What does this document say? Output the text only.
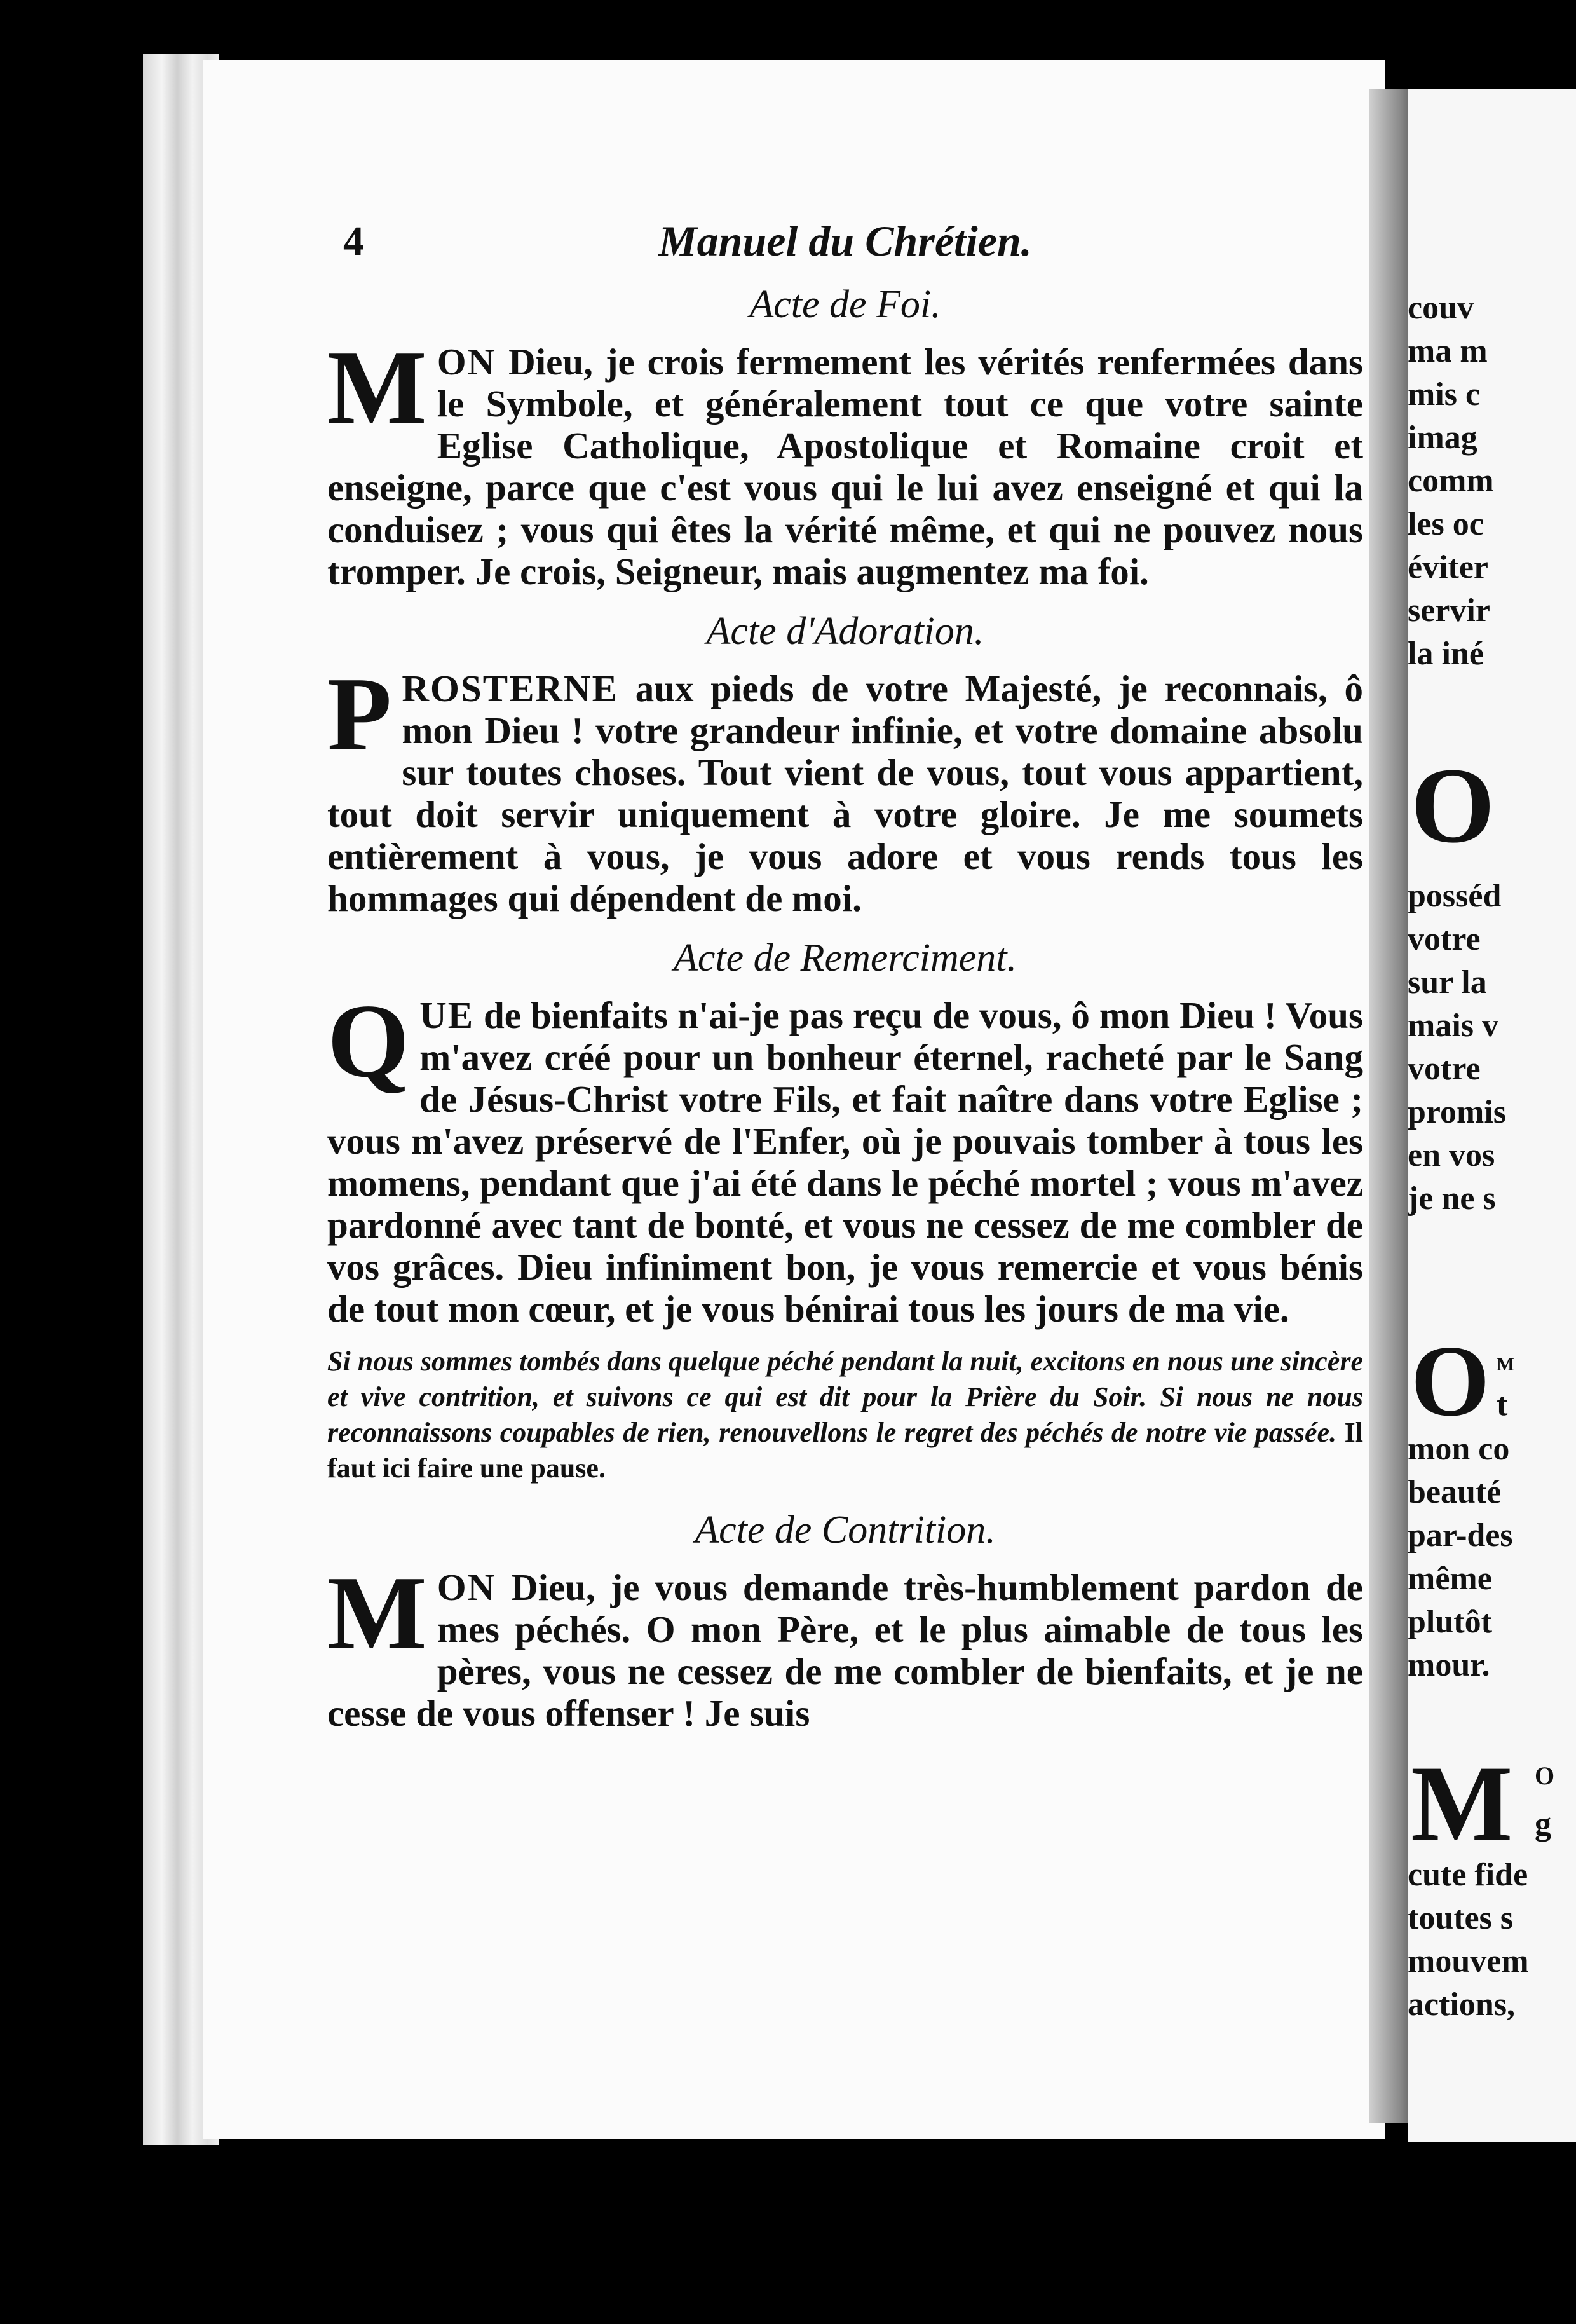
couv
ma m
mis c
imag
comm
les oc
éviter
servir
la iné
O
posséd
votre
sur la
mais v
votre
promis
en vos
je ne s
O M
t
mon co
beauté
par-des
même
plutôt
mour.
M O
g
cute fide
toutes s
mouvem
actions,
4	Manuel du Chrétien.
Acte de Foi.

MON Dieu, je crois fermement les vérités renfermées dans le Symbole, et généralement tout ce que votre sainte Eglise Catholique, Apostolique et Romaine croit et enseigne, parce que c'est vous qui le lui avez enseigné et qui la conduisez ; vous qui êtes la vérité même, et qui ne pouvez nous tromper. Je crois, Seigneur, mais augmentez ma foi.

Acte d'Adoration.

PROSTERNE aux pieds de votre Majesté, je reconnais, ô mon Dieu ! votre grandeur infinie, et votre domaine absolu sur toutes choses. Tout vient de vous, tout vous appartient, tout doit servir uniquement à votre gloire. Je me soumets entièrement à vous, je vous adore et vous rends tous les hommages qui dépendent de moi.

Acte de Remerciment.

QUE de bienfaits n'ai-je pas reçu de vous, ô mon Dieu ! Vous m'avez créé pour un bonheur éternel, racheté par le Sang de Jésus-Christ votre Fils, et fait naître dans votre Eglise ; vous m'avez préservé de l'Enfer, où je pouvais tomber à tous les momens, pendant que j'ai été dans le péché mortel ; vous m'avez pardonné avec tant de bonté, et vous ne cessez de me combler de vos grâces. Dieu infiniment bon, je vous remercie et vous bénis de tout mon cœur, et je vous bénirai tous les jours de ma vie.

Si nous sommes tombés dans quelque péché pendant la nuit, excitons en nous une sincère et vive contrition, et suivons ce qui est dit pour la Prière du Soir. Si nous ne nous reconnaissons coupables de rien, renouvellons le regret des péchés de notre vie passée. Il faut ici faire une pause.

Acte de Contrition.

MON Dieu, je vous demande très-humblement pardon de mes péchés. O mon Père, et le plus aimable de tous les pères, vous ne cessez de me combler de bienfaits, et je ne cesse de vous offenser ! Je suis
